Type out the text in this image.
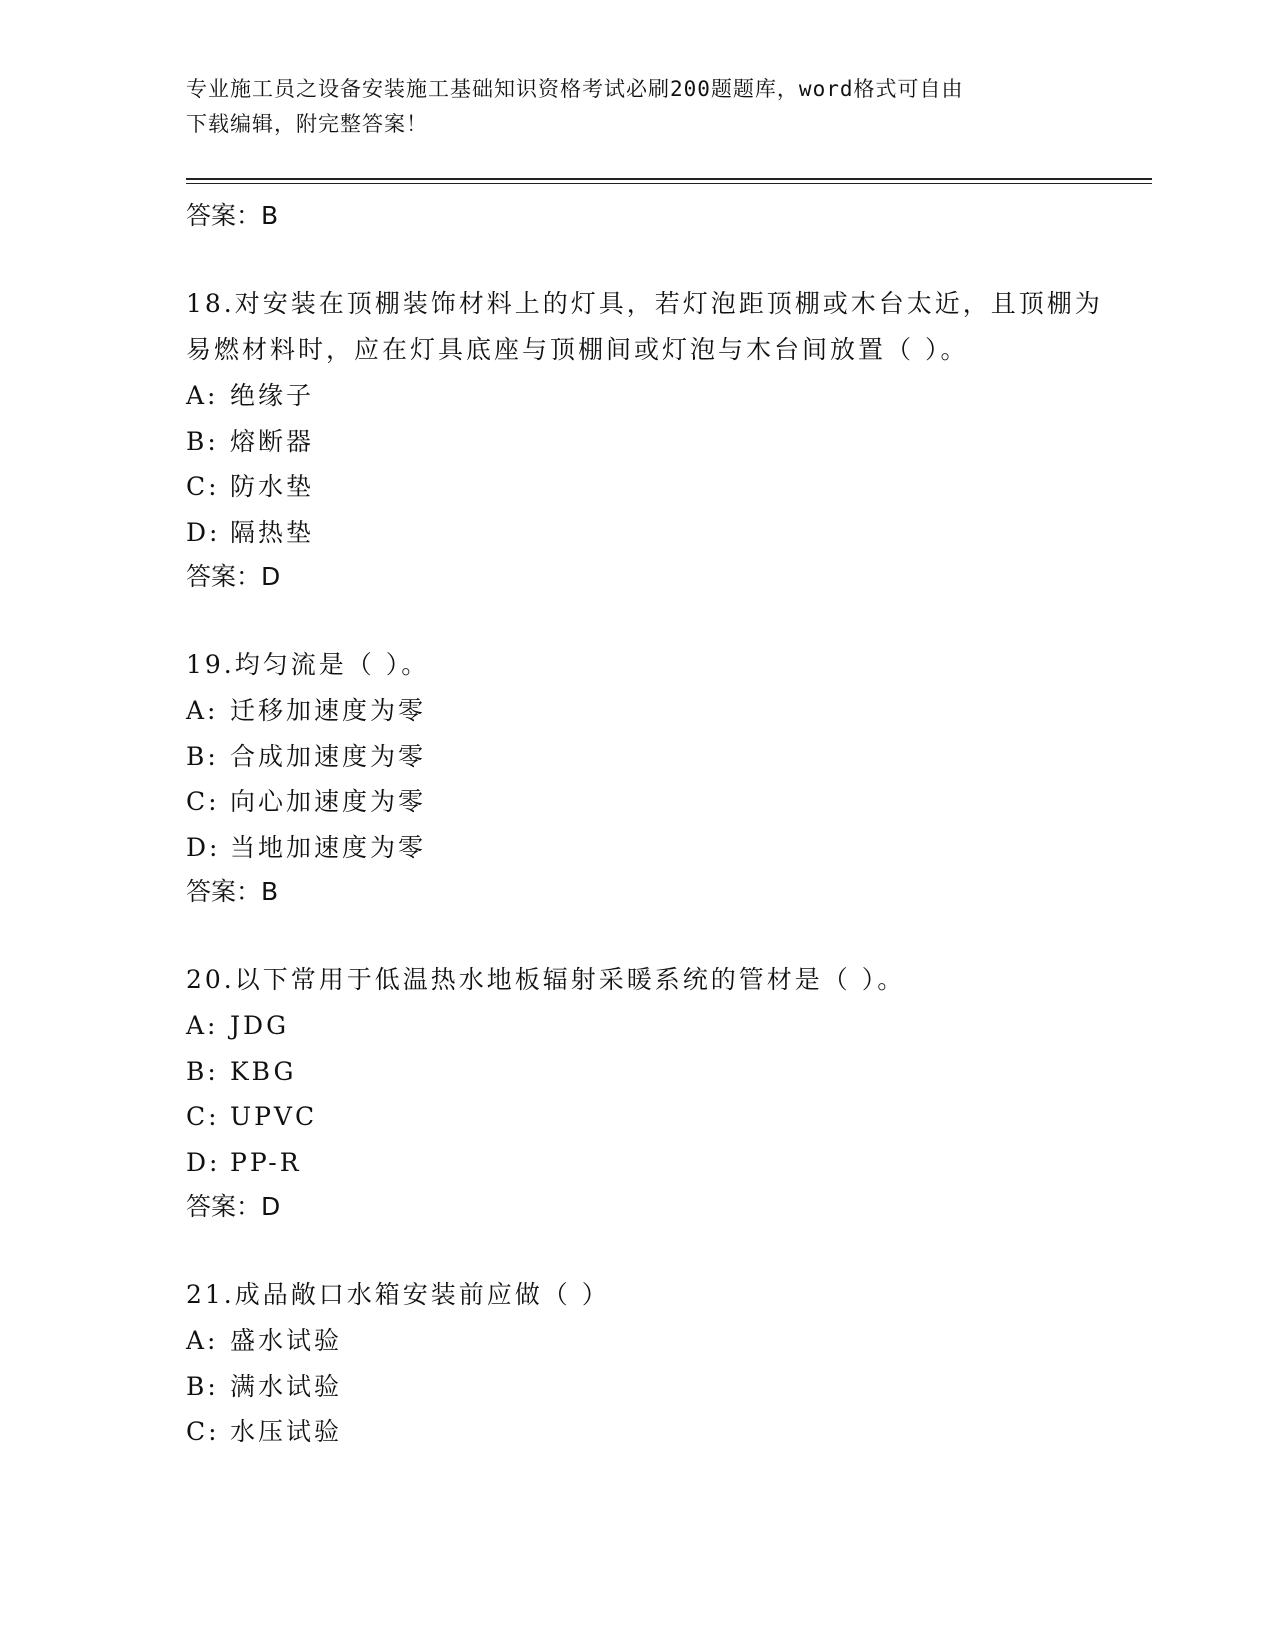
专业施工员之设备安装施工基础知识资格考试必刷200题题库，word格式可自由
下载编辑，附完整答案！
答案：B
18.对安装在顶棚装饰材料上的灯具，若灯泡距顶棚或木台太近，且顶棚为易燃材料时，应在灯具底座与顶棚间或灯泡与木台间放置（ ）。
A: 绝缘子
B: 熔断器
C: 防水垫
D: 隔热垫
答案：D
19.均匀流是（ ）。
A: 迁移加速度为零
B: 合成加速度为零
C: 向心加速度为零
D: 当地加速度为零
答案：B
20.以下常用于低温热水地板辐射采暖系统的管材是（ ）。
A: JDG
B: KBG
C: UPVC
D: PP-R
答案：D
21.成品敞口水箱安装前应做（ ）
A: 盛水试验
B: 满水试验
C: 水压试验
